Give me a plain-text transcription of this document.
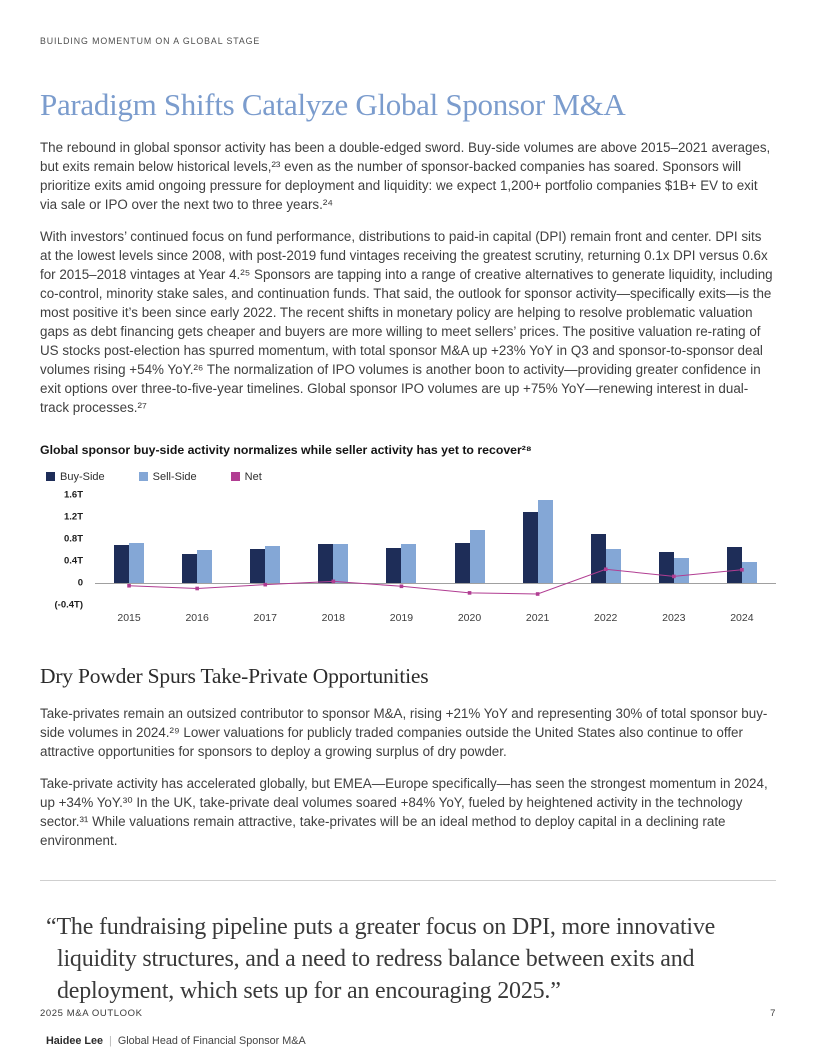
BUILDING MOMENTUM ON A GLOBAL STAGE
Paradigm Shifts Catalyze Global Sponsor M&A

The rebound in global sponsor activity has been a double-edged sword. Buy-side volumes are above 2015–2021 averages, but exits remain below historical levels,²³ even as the number of sponsor-backed companies has soared. Sponsors will prioritize exits amid ongoing pressure for deployment and liquidity: we expect 1,200+ portfolio companies $1B+ EV to exit via sale or IPO over the next two to three years.²⁴

With investors’ continued focus on fund performance, distributions to paid-in capital (DPI) remain front and center. DPI sits at the lowest levels since 2008, with post-2019 fund vintages receiving the greatest scrutiny, returning 0.1x DPI versus 0.6x for 2015–2018 vintages at Year 4.²⁵ Sponsors are tapping into a range of creative alternatives to generate liquidity, including co-control, minority stake sales, and continuation funds. That said, the outlook for sponsor activity—specifically exits—is the most positive it’s been since early 2022. The recent shifts in monetary policy are helping to resolve problematic valuation gaps as debt financing gets cheaper and buyers are more willing to meet sellers’ prices. The positive valuation re-rating of US stocks post-election has spurred momentum, with total sponsor M&A up +23% YoY in Q3 and sponsor-to-sponsor deal volumes rising +54% YoY.²⁶ The normalization of IPO volumes is another boon to activity—providing greater confidence in exit options over three-to-five-year timelines. Global sponsor IPO volumes are up +75% YoY—renewing interest in dual-track processes.²⁷

Global sponsor buy-side activity normalizes while seller activity has yet to recover²⁸
Buy-Side	Sell-Side	Net
1.6T
1.2T
0.8T
0.4T
0
(-0.4T)
2015	2016	2017	2018	2019	2020	2021	2022	2023	2024
Dry Powder Spurs Take-Private Opportunities

Take-privates remain an outsized contributor to sponsor M&A, rising +21% YoY and representing 30% of total sponsor buy-side volumes in 2024.²⁹ Lower valuations for publicly traded companies outside the United States also continue to offer attractive opportunities for sponsors to deploy a growing surplus of dry powder.

Take-private activity has accelerated globally, but EMEA—Europe specifically—has seen the strongest momentum in 2024, up +34% YoY.³⁰ In the UK, take-private deal volumes soared +84% YoY, fueled by heightened activity in the technology sector.³¹ While valuations remain attractive, take-privates will be an ideal method to deploy capital in a declining rate environment.

“The fundraising pipeline puts a greater focus on DPI, more innovative liquidity structures, and a need to redress balance between exits and deployment, which sets up for an encouraging 2025.”
Haidee Lee | Global Head of Financial Sponsor M&A
2025 M&A OUTLOOK	7
